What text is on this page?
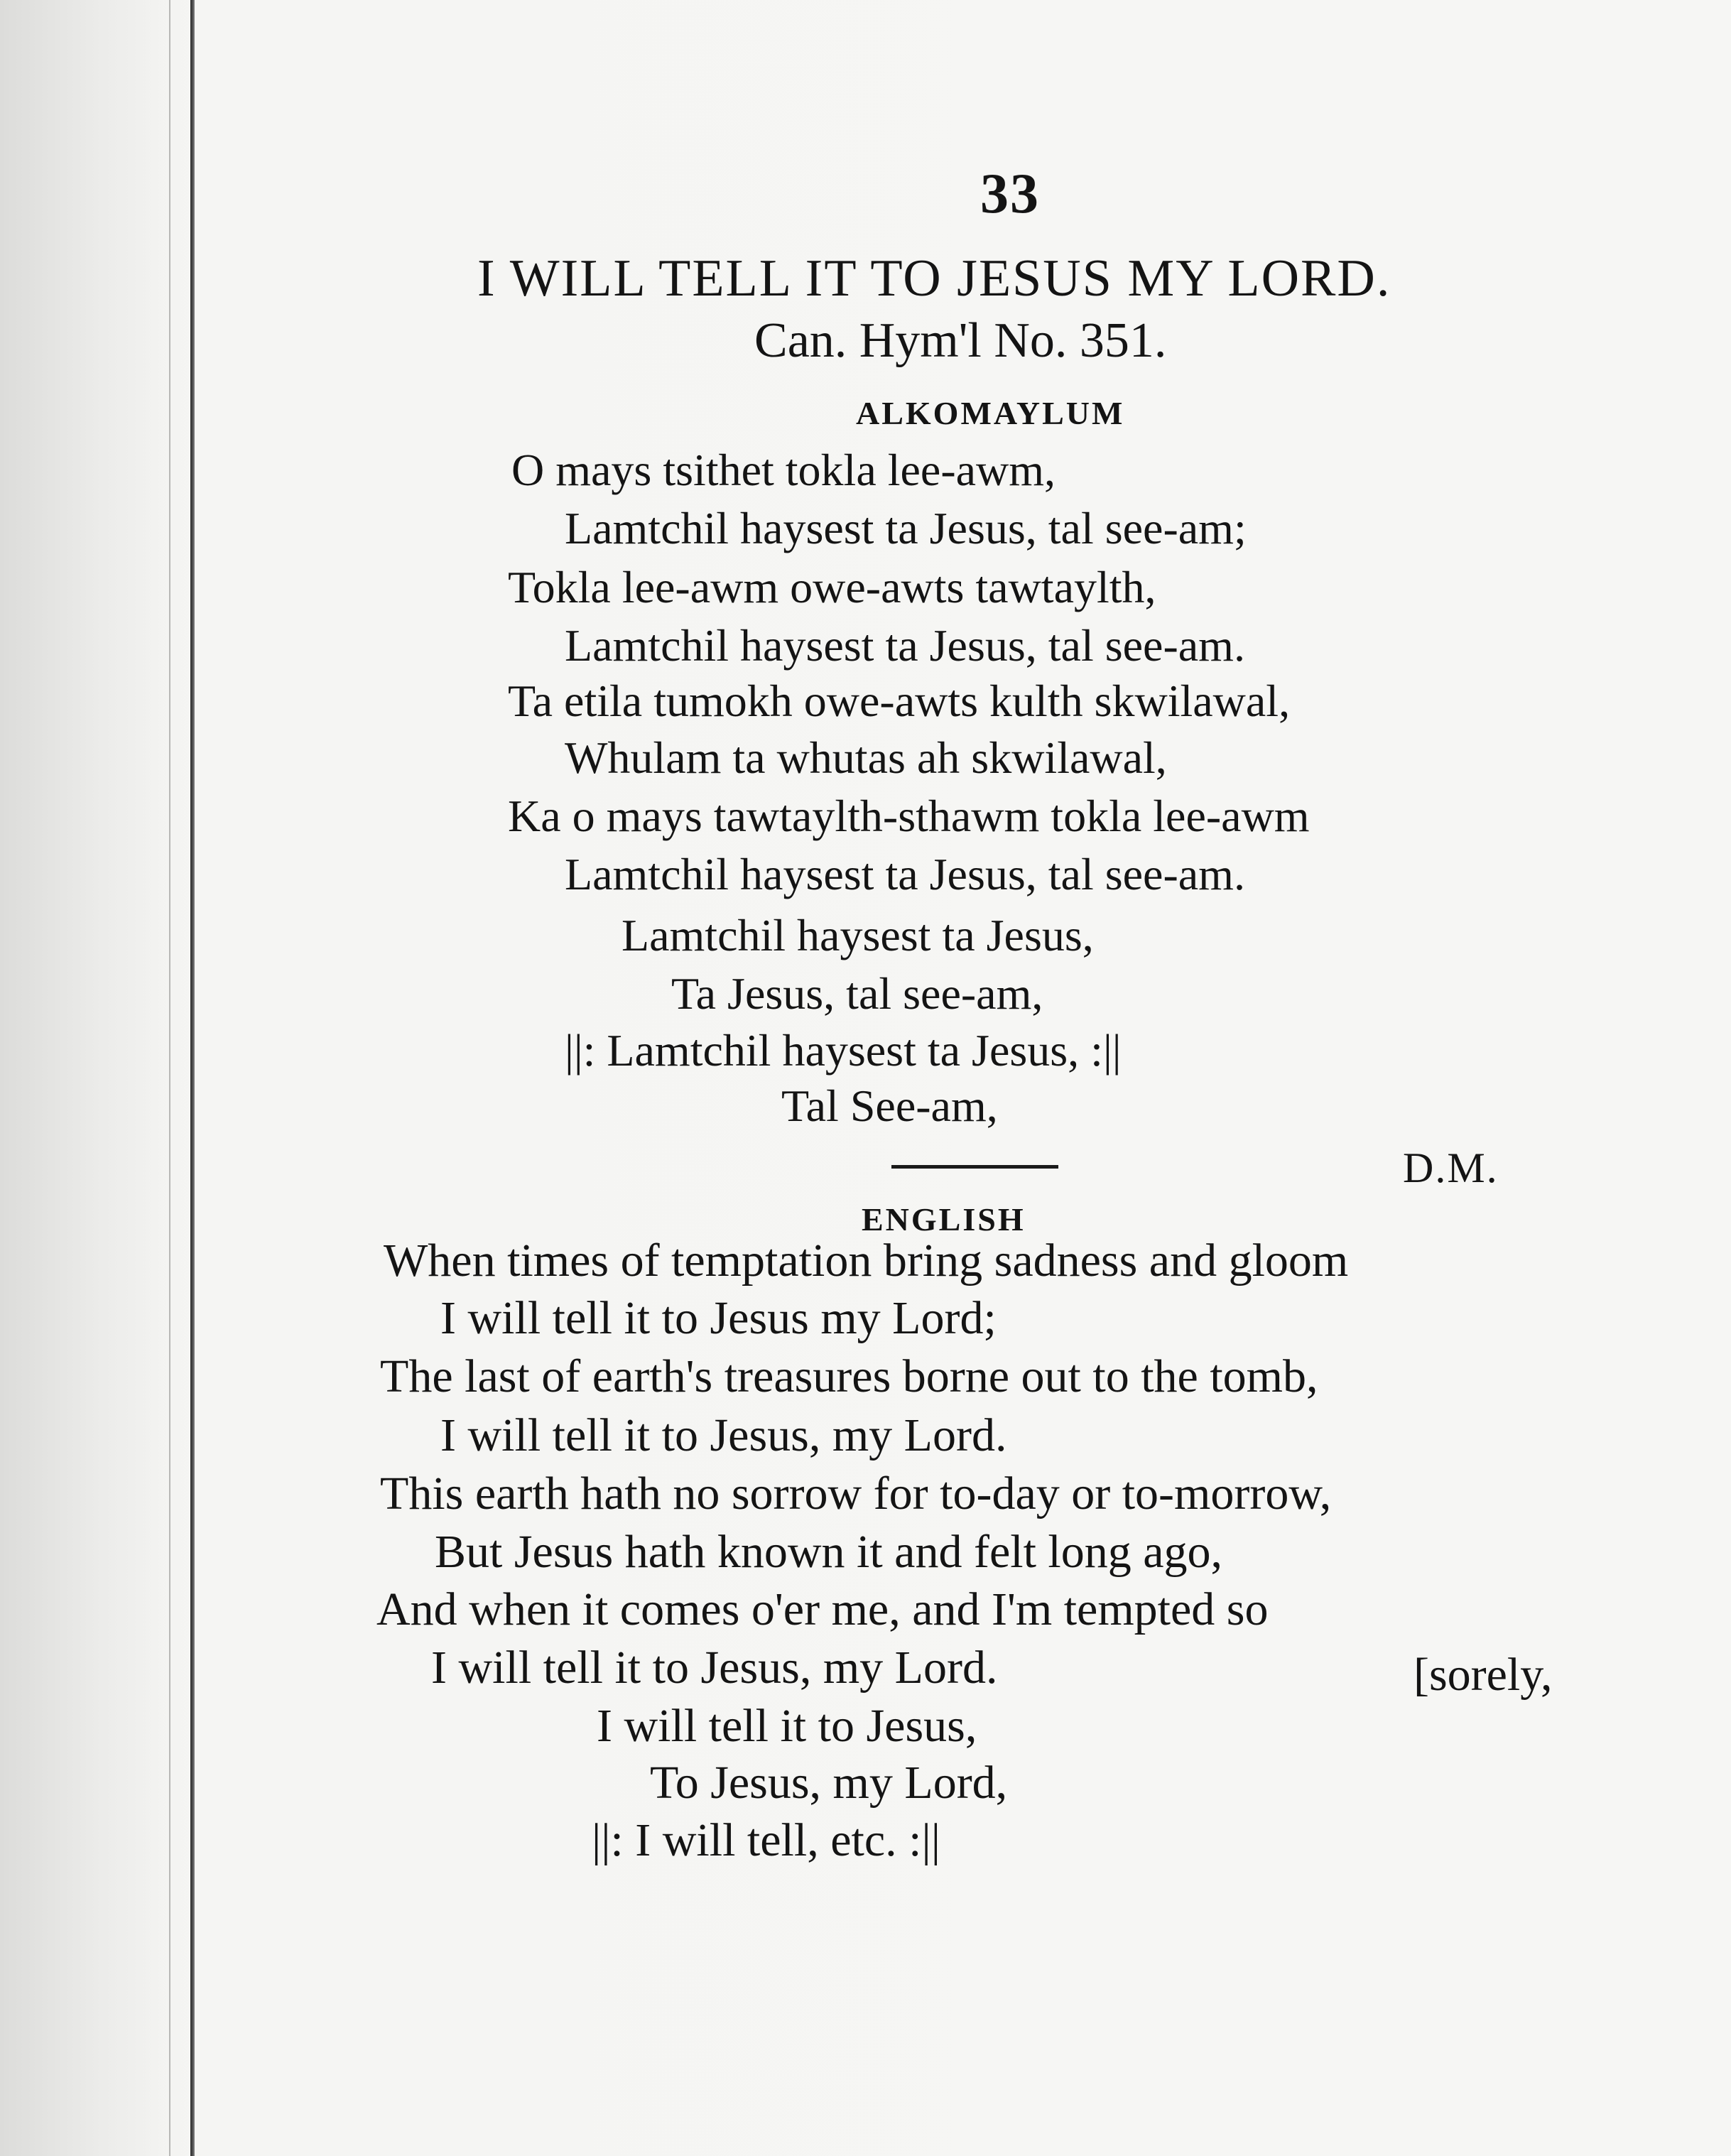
33
I WILL TELL IT TO JESUS MY LORD.
Can. Hym'l No. 351.
ALKOMAYLUM
O mays tsithet tokla lee-awm,
Lamtchil haysest ta Jesus, tal see-am;
Tokla lee-awm owe-awts tawtaylth,
Lamtchil haysest ta Jesus, tal see-am.
Ta etila tumokh owe-awts kulth skwilawal,
Whulam ta whutas ah skwilawal,
Ka o mays tawtaylth-sthawm tokla lee-awm
Lamtchil haysest ta Jesus, tal see-am.
Lamtchil haysest ta Jesus,
Ta Jesus, tal see-am,
||: Lamtchil haysest ta Jesus, :||
Tal See-am,
D.M.
ENGLISH
When times of temptation bring sadness and gloom
I will tell it to Jesus my Lord;
The last of earth's treasures borne out to the tomb,
I will tell it to Jesus, my Lord.
This earth hath no sorrow for to-day or to-morrow,
But Jesus hath known it and felt long ago,
And when it comes o'er me, and I'm tempted so
I will tell it to Jesus, my Lord.	[sorely,
I will tell it to Jesus,
To Jesus, my Lord,
||: I will tell, etc. :||
